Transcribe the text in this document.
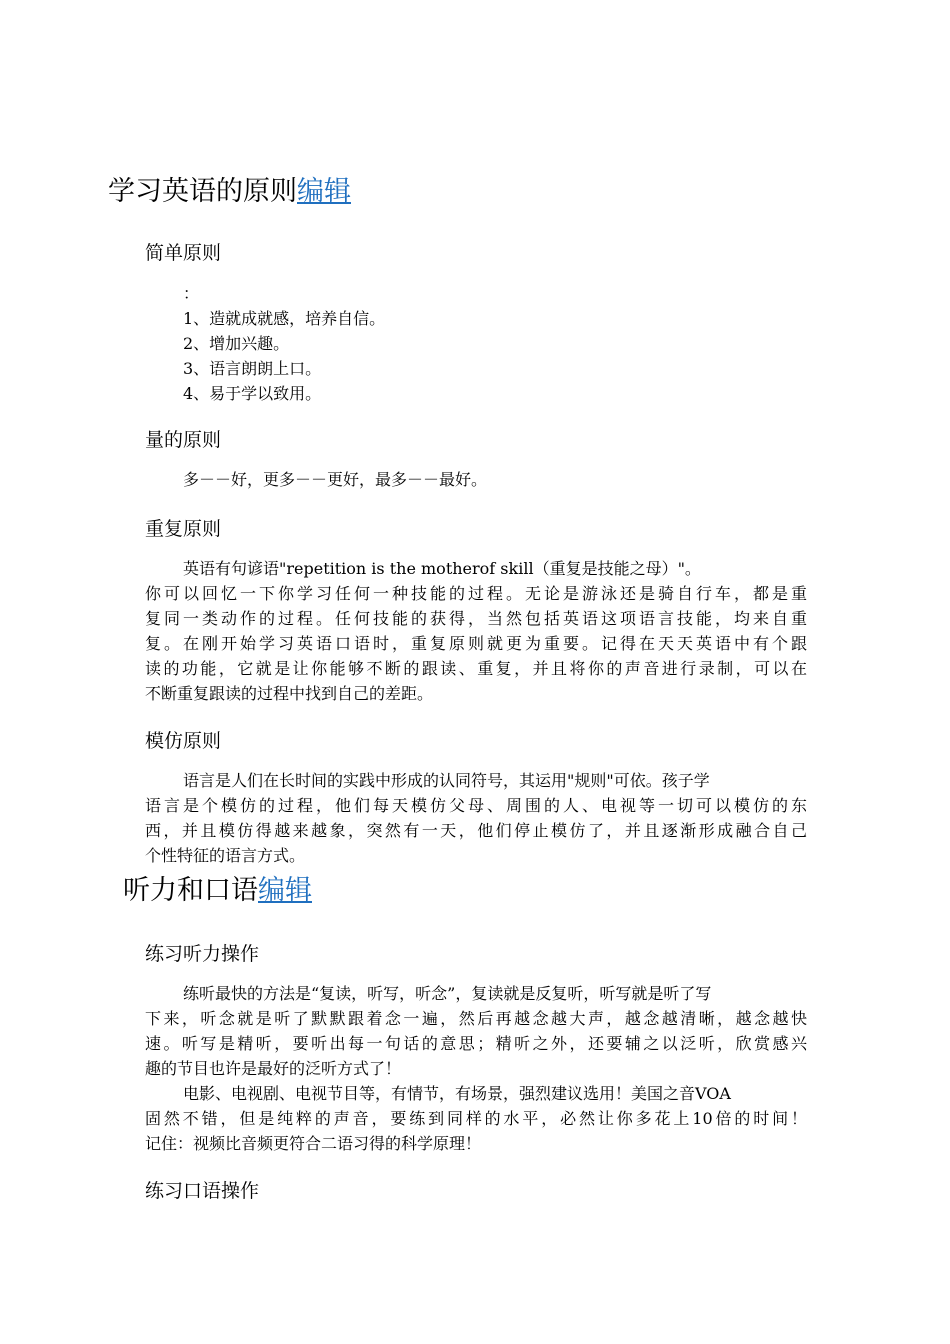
学习英语的原则编辑
简单原则
：
1、造就成就感，培养自信。
2、增加兴趣。
3、语言朗朗上口。
4、易于学以致用。
量的原则
多－－好，更多－－更好，最多－－最好。
重复原则
英语有句谚语"repetition is the motherof skill（重复是技能之母）"。
你可以回忆一下你学习任何一种技能的过程。无论是游泳还是骑自行车，都是重
复同一类动作的过程。任何技能的获得，当然包括英语这项语言技能，均来自重
复。在刚开始学习英语口语时，重复原则就更为重要。记得在天天英语中有个跟
读的功能，它就是让你能够不断的跟读、重复，并且将你的声音进行录制，可以在
不断重复跟读的过程中找到自己的差距。
模仿原则
语言是人们在长时间的实践中形成的认同符号，其运用"规则"可依。孩子学
语言是个模仿的过程，他们每天模仿父母、周围的人、电视等一切可以模仿的东
西，并且模仿得越来越象，突然有一天，他们停止模仿了，并且逐渐形成融合自己
个性特征的语言方式。
听力和口语编辑
练习听力操作
练听最快的方法是“复读，听写，听念”，复读就是反复听，听写就是听了写
下来，听念就是听了默默跟着念一遍，然后再越念越大声，越念越清晰，越念越快
速。听写是精听，要听出每一句话的意思；精听之外，还要辅之以泛听，欣赏感兴
趣的节目也许是最好的泛听方式了！
电影、电视剧、电视节目等，有情节，有场景，强烈建议选用！美国之音VOA
固然不错，但是纯粹的声音，要练到同样的水平，必然让你多花上10倍的时间！
记住：视频比音频更符合二语习得的科学原理！
练习口语操作
